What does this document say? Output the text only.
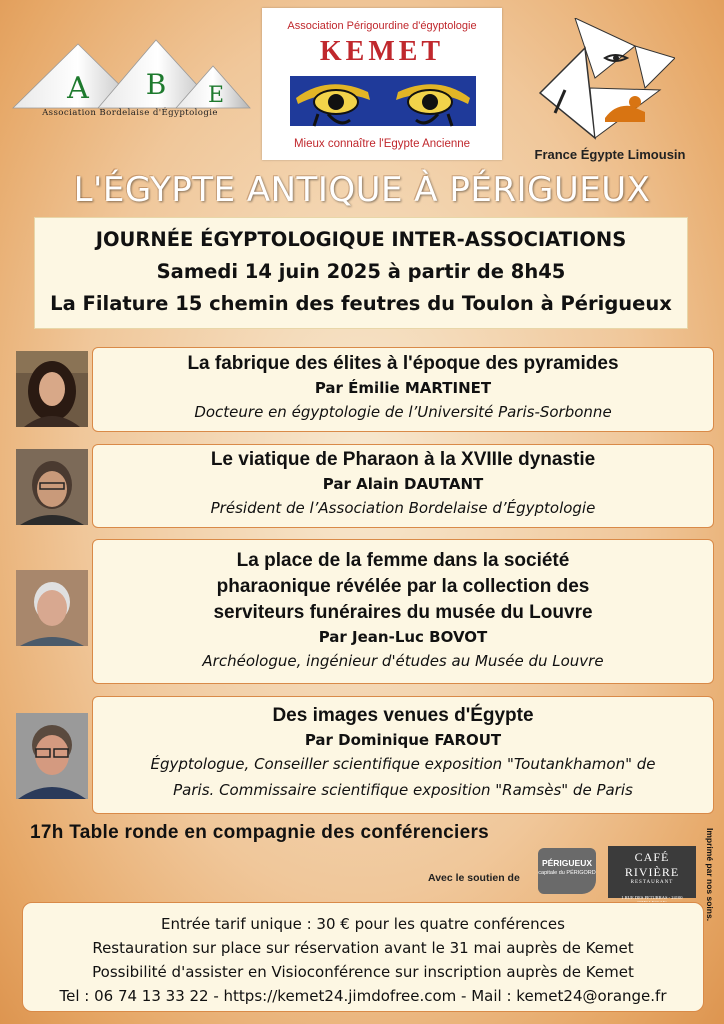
A B E
Association Bordelaise d'Égyptologie
Association Périgourdine d'égyptologie
KEMET
Mieux connaître l'Egypte Ancienne
France Égypte Limousin
L'ÉGYPTE ANTIQUE À PÉRIGUEUX
JOURNÉE ÉGYPTOLOGIQUE INTER-ASSOCIATIONS
Samedi 14 juin 2025 à partir de 8h45
La Filature 15 chemin des feutres du Toulon à Périgueux
La fabrique des élites à l'époque des pyramides
Par Émilie MARTINET
Docteure en égyptologie de l’Université Paris-Sorbonne
Le viatique de Pharaon à la XVIIIe dynastie
Par Alain DAUTANT
Président de l’Association Bordelaise d’Égyptologie
La place de la femme dans la société
pharaonique révélée par la collection des
serviteurs funéraires du musée du Louvre
Par Jean-Luc BOVOT
Archéologue, ingénieur d'études au Musée du Louvre
Des images venues d'Égypte
Par Dominique FAROUT
Égyptologue, Conseiller scientifique exposition "Toutankhamon" de
Paris. Commissaire scientifique exposition "Ramsès" de Paris
17h Table ronde en compagnie des conférenciers
Avec le soutien de
PÉRIGUEUX
capitale du PÉRIGORD
CAFÉ RIVIÈRE
RESTAURANT
1 RUE DES PETURRAS - 24100	Imprimé par nos soins.
Entrée tarif unique : 30 € pour les quatre conférences
Restauration sur place sur réservation avant le 31 mai auprès de Kemet
Possibilité d'assister en Visioconférence sur inscription auprès de Kemet
Tel : 06 74 13 33 22 - https://kemet24.jimdofree.com - Mail : kemet24@orange.fr
